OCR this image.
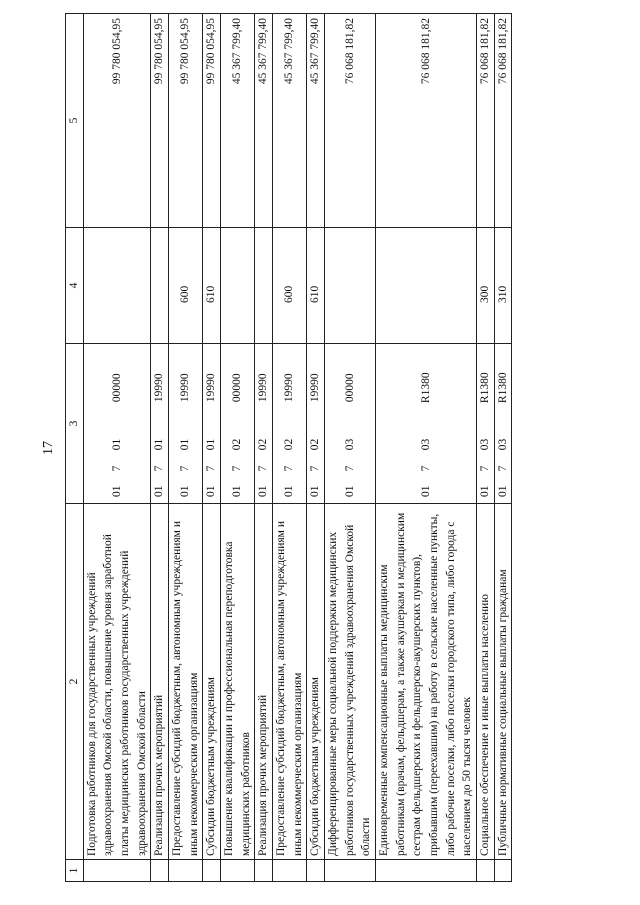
17
1	2	3				4	5
	Подготовка работников для государственных учреждений здравоохранения Омской области, повышение уровня заработной платы медицинских работников государственных учреждений здравоохранения Омской области	01	7	01	00000		99 780 054,95
	Реализация прочих мероприятий	01	7	01	19990		99 780 054,95
	Предоставление субсидий бюджетным, автономным учреждениям и иным некоммерческим организациям	01	7	01	19990	600	99 780 054,95
	Субсидии бюджетным учреждениям	01	7	01	19990	610	99 780 054,95
	Повышение квалификации и профессиональная переподготовка медицинских работников	01	7	02	00000		45 367 799,40
	Реализация прочих мероприятий	01	7	02	19990		45 367 799,40
	Предоставление субсидий бюджетным, автономным учреждениям и иным некоммерческим организациям	01	7	02	19990	600	45 367 799,40
	Субсидии бюджетным учреждениям	01	7	02	19990	610	45 367 799,40
	Дифференцированные меры социальной поддержки медицинских работников государственных учреждений здравоохранения Омской области	01	7	03	00000		76 068 181,82
	Единовременные компенсационные выплаты медицинским работникам (врачам, фельдшерам, а также акушеркам и медицинским сестрам фельдшерских и фельдшерско-акушерских пунктов), прибывшим (переехавшим) на работу в сельские населенные пункты, либо рабочие поселки, либо поселки городского типа, либо города с населением до 50 тысяч человек	01	7	03	R1380		76 068 181,82
	Социальное обеспечение и иные выплаты населению	01	7	03	R1380	300	76 068 181,82
	Публичные нормативные социальные выплаты гражданам	01	7	03	R1380	310	76 068 181,82
